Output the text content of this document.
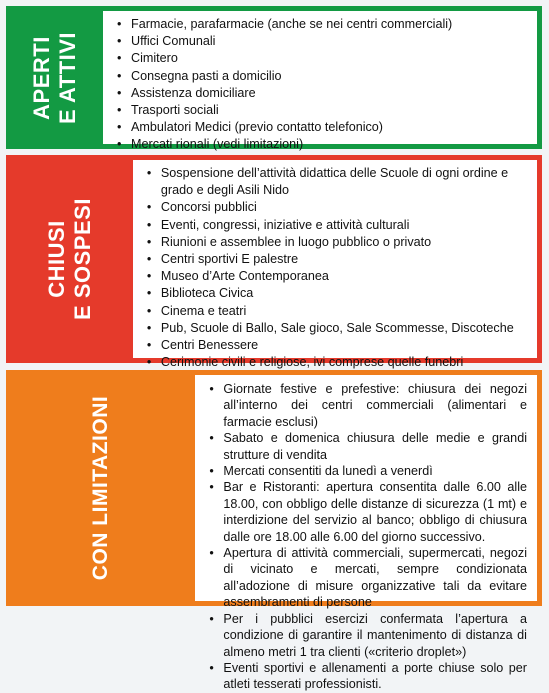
APERTI E ATTIVI
• Farmacie, parafarmacie (anche se nei centri commerciali)
• Uffici Comunali
• Cimitero
• Consegna pasti a domicilio
• Assistenza domiciliare
• Trasporti sociali
• Ambulatori Medici (previo contatto telefonico)
• Mercati rionali (vedi limitazioni)
CHIUSI E SOSPESI
• Sospensione dell’attività didattica delle Scuole di ogni ordine e grado e degli Asili Nido
• Concorsi pubblici
• Eventi, congressi, iniziative e attività culturali
• Riunioni e assemblee in luogo pubblico o privato
• Centri sportivi E palestre
• Museo d’Arte Contemporanea
• Biblioteca Civica
• Cinema e teatri
• Pub, Scuole di Ballo, Sale gioco, Sale Scommesse, Discoteche
• Centri Benessere
• Cerimonie civili e religiose, ivi comprese quelle funebri
CON LIMITAZIONI
• Giornate festive e prefestive: chiusura dei negozi all’interno dei centri commerciali (alimentari e farmacie esclusi)
• Sabato e domenica chiusura delle medie e grandi strutture di vendita
• Mercati consentiti da lunedì a venerdì
• Bar e Ristoranti: apertura consentita dalle 6.00 alle 18.00, con obbligo delle distanze di sicurezza (1 mt) e interdizione del servizio al banco; obbligo di chiusura dalle ore 18.00 alle 6.00 del giorno successivo.
• Apertura di attività commerciali, supermercati, negozi di vicinato e mercati, sempre condizionata all’adozione di misure organizzative tali da evitare assembramenti di persone
• Per i pubblici esercizi confermata l’apertura a condizione di garantire il mantenimento di distanza di almeno metri 1 tra clienti («criterio droplet»)
• Eventi sportivi e allenamenti a porte chiuse solo per atleti tesserati professionisti.
